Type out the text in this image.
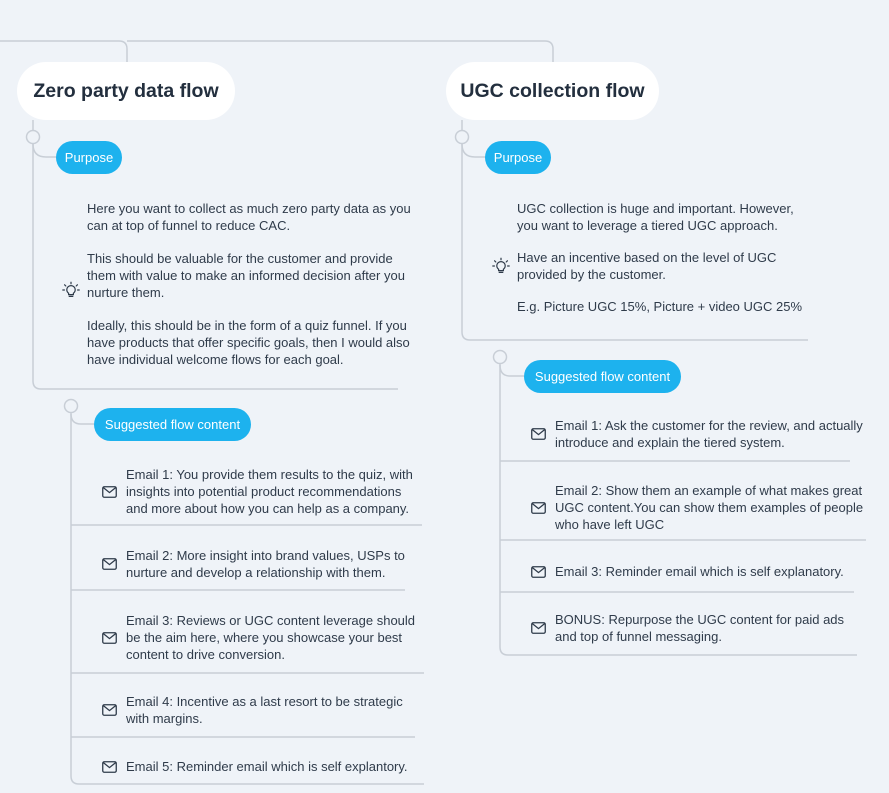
Zero party data flow
Purpose

Here you want to collect as much zero party data as you can at top of funnel to reduce CAC.

This should be valuable for the customer and provide them with value to make an informed decision after you nurture them.

Ideally, this should be in the form of a quiz funnel. If you have products that offer specific goals, then I would also have individual welcome flows for each goal.

Suggested flow content
Email 1: You provide them results to the quiz, with insights into potential product recommendations and more about how you can help as a company.
Email 2: More insight into brand values, USPs to nurture and develop a relationship with them.
Email 3: Reviews or UGC content leverage should be the aim here, where you showcase your best content to drive conversion.
Email 4: Incentive as a last resort to be strategic with margins.
Email 5: Reminder email which is self explantory.
UGC collection flow
Purpose

UGC collection is huge and important. However, you want to leverage a tiered UGC approach.

Have an incentive based on the level of UGC provided by the customer.

E.g. Picture UGC 15%, Picture + video UGC 25%

Suggested flow content
Email 1: Ask the customer for the review, and actually introduce and explain the tiered system.
Email 2: Show them an example of what makes great UGC content.You can show them examples of people who have left UGC
Email 3: Reminder email which is self explanatory.
BONUS: Repurpose the UGC content for paid ads and top of funnel messaging.
